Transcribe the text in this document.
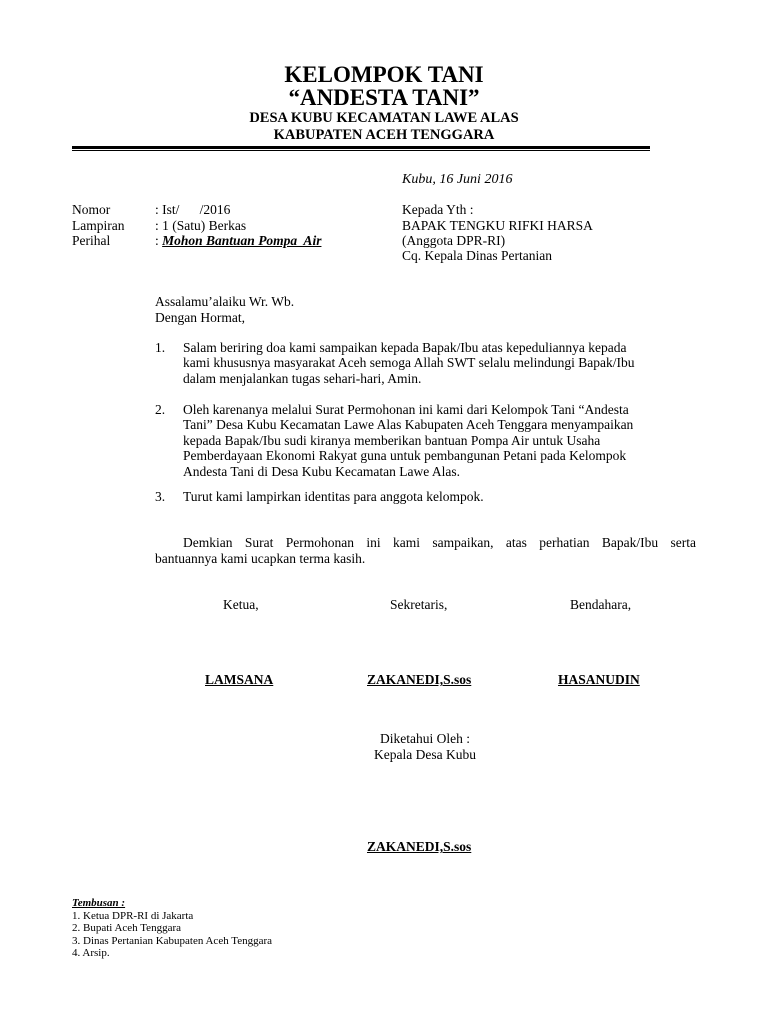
KELOMPOK TANI
“ANDESTA TANI”
DESA KUBU KECAMATAN LAWE ALAS
KABUPATEN ACEH TENGGARA
Kubu, 16 Juni 2016
Nomor	: Ist/      /2016
Lampiran : 1 (Satu) Berkas
Perihal	: Mohon Bantuan Pompa  Air
Kepada Yth :
BAPAK TENGKU RIFKI HARSA
(Anggota DPR-RI)
Cq. Kepala Dinas Pertanian
Assalamu’alaiku Wr. Wb.
Dengan Hormat,
1. Salam beriring doa kami sampaikan kepada Bapak/Ibu atas kepeduliannya kepada
kami khususnya masyarakat Aceh semoga Allah SWT selalu melindungi Bapak/Ibu
dalam menjalankan tugas sehari-hari, Amin.
2. Oleh karenanya melalui Surat Permohonan ini kami dari Kelompok Tani “Andesta
Tani” Desa Kubu Kecamatan Lawe Alas Kabupaten Aceh Tenggara menyampaikan
kepada Bapak/Ibu sudi kiranya memberikan bantuan Pompa Air untuk Usaha
Pemberdayaan Ekonomi Rakyat guna untuk pembangunan Petani pada Kelompok
Andesta Tani di Desa Kubu Kecamatan Lawe Alas.
3. Turut kami lampirkan identitas para anggota kelompok.
Demkian Surat Permohonan ini kami sampaikan, atas perhatian Bapak/Ibu serta
bantuannya kami ucapkan terma kasih.
Ketua,	Sekretaris,	Bendahara,
LAMSANA	ZAKANEDI,S.sos	HASANUDIN
Diketahui Oleh :
Kepala Desa Kubu
ZAKANEDI,S.sos
Tembusan :
1. Ketua DPR-RI di Jakarta
2. Bupati Aceh Tenggara
3. Dinas Pertanian Kabupaten Aceh Tenggara
4. Arsip.
